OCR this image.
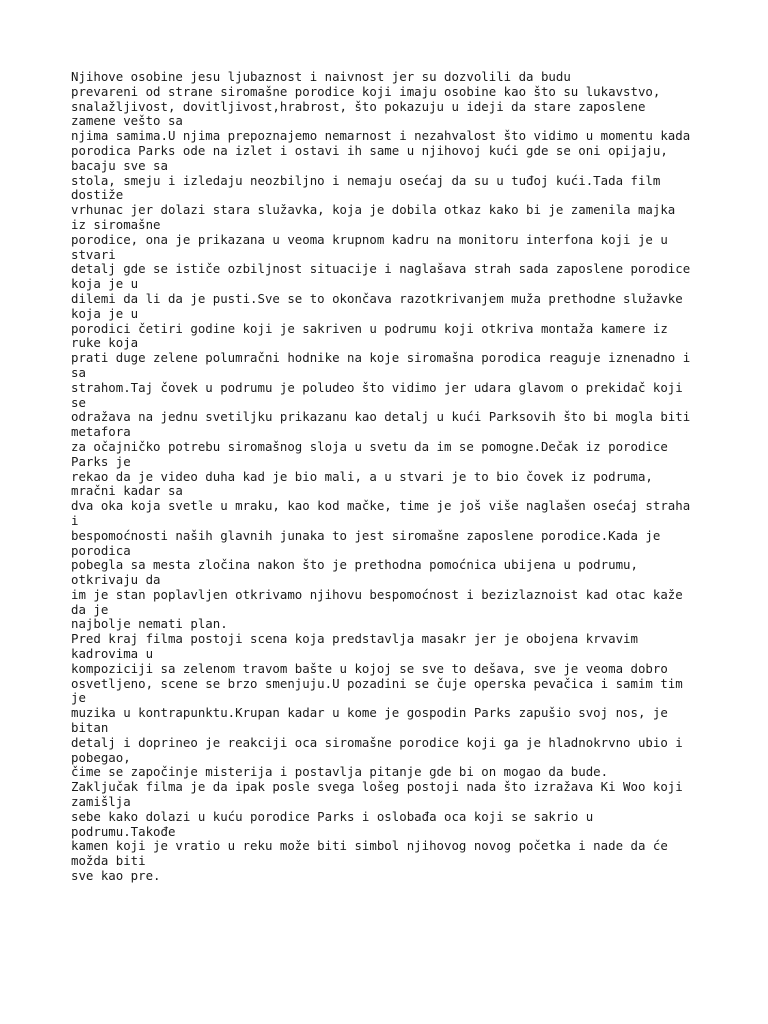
Njihove osobine jesu ljubaznost i naivnost jer su dozvolili da budu
prevareni od strane siromašne porodice koji imaju osobine kao što su lukavstvo,
snalažljivost, dovitljivost,hrabrost, što pokazuju u ideji da stare zaposlene
zamene vešto sa
njima samima.U njima prepoznajemo nemarnost i nezahvalost što vidimo u momentu kada
porodica Parks ode na izlet i ostavi ih same u njihovoj kući gde se oni opijaju,
bacaju sve sa
stola, smeju i izledaju neozbiljno i nemaju osećaj da su u tuđoj kući.Tada film
dostiže
vrhunac jer dolazi stara služavka, koja je dobila otkaz kako bi je zamenila majka
iz siromašne
porodice, ona je prikazana u veoma krupnom kadru na monitoru interfona koji je u
stvari
detalj gde se ističe ozbiljnost situacije i naglašava strah sada zaposlene porodice
koja je u
dilemi da li da je pusti.Sve se to okončava razotkrivanjem muža prethodne služavke
koja je u
porodici četiri godine koji je sakriven u podrumu koji otkriva montaža kamere iz
ruke koja
prati duge zelene polumračni hodnike na koje siromašna porodica reaguje iznenadno i
sa
strahom.Taj čovek u podrumu je poludeo što vidimo jer udara glavom o prekidač koji
se
odražava na jednu svetiljku prikazanu kao detalj u kući Parksovih što bi mogla biti
metafora
za očajničko potrebu siromašnog sloja u svetu da im se pomogne.Dečak iz porodice
Parks je
rekao da je video duha kad je bio mali, a u stvari je to bio čovek iz podruma,
mračni kadar sa
dva oka koja svetle u mraku, kao kod mačke, time je još više naglašen osećaj straha
i
bespomoćnosti naših glavnih junaka to jest siromašne zaposlene porodice.Kada je
porodica
pobegla sa mesta zločina nakon što je prethodna pomoćnica ubijena u podrumu,
otkrivaju da
im je stan poplavljen otkrivamo njihovu bespomoćnost i bezizlaznoist kad otac kaže
da je
najbolje nemati plan.
Pred kraj filma postoji scena koja predstavlja masakr jer je obojena krvavim
kadrovima u
kompoziciji sa zelenom travom bašte u kojoj se sve to dešava, sve je veoma dobro
osvetljeno, scene se brzo smenjuju.U pozadini se čuje operska pevačica i samim tim
je
muzika u kontrapunktu.Krupan kadar u kome je gospodin Parks zapušio svoj nos, je
bitan
detalj i doprineo je reakciji oca siromašne porodice koji ga je hladnokrvno ubio i
pobegao,
čime se započinje misterija i postavlja pitanje gde bi on mogao da bude.
Zaključak filma je da ipak posle svega lošeg postoji nada što izražava Ki Woo koji
zamišlja
sebe kako dolazi u kuću porodice Parks i oslobađa oca koji se sakrio u
podrumu.Takođe
kamen koji je vratio u reku može biti simbol njihovog novog početka i nade da će
možda biti
sve kao pre.
